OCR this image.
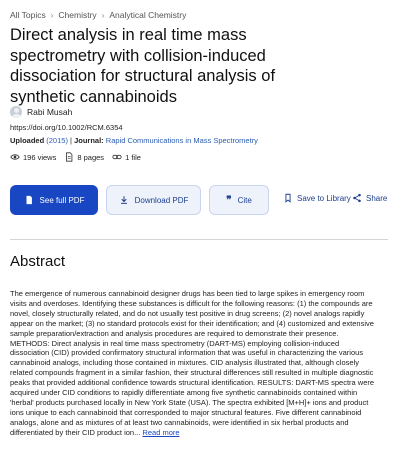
All Topics › Chemistry › Analytical Chemistry
Direct analysis in real time mass spectrometry with collision-induced dissociation for structural analysis of synthetic cannabinoids
Rabi Musah
https://doi.org/10.1002/RCM.6354
Uploaded (2015) | Journal: Rapid Communications in Mass Spectrometry
196 views	8 pages	1 file
See full PDF	Download PDF	❞ Cite	Save to Library Share
Abstract

The emergence of numerous cannabinoid designer drugs has been tied to large spikes in emergency room visits and overdoses. Identifying these substances is difficult for the following reasons: (1) the compounds are novel, closely structurally related, and do not usually test positive in drug screens; (2) novel analogs rapidly appear on the market; (3) no standard protocols exist for their identification; and (4) customized and extensive sample preparation/extraction and analysis procedures are required to demonstrate their presence. METHODS: Direct analysis in real time mass spectrometry (DART-MS) employing collision-induced dissociation (CID) provided confirmatory structural information that was useful in characterizing the various cannabinoid analogs, including those contained in mixtures. CID analysis illustrated that, although closely related compounds fragment in a similar fashion, their structural differences still resulted in multiple diagnostic peaks that provided additional confidence towards structural identification. RESULTS: DART-MS spectra were acquired under CID conditions to rapidly differentiate among five synthetic cannabinoids contained within 'herbal' products purchased locally in New York State (USA). The spectra exhibited [M+H]+ ions and product ions unique to each cannabinoid that corresponded to major structural features. Five different cannabinoid analogs, alone and as mixtures of at least two cannabinoids, were identified in six herbal products and differentiated by their CID product ion... Read more
